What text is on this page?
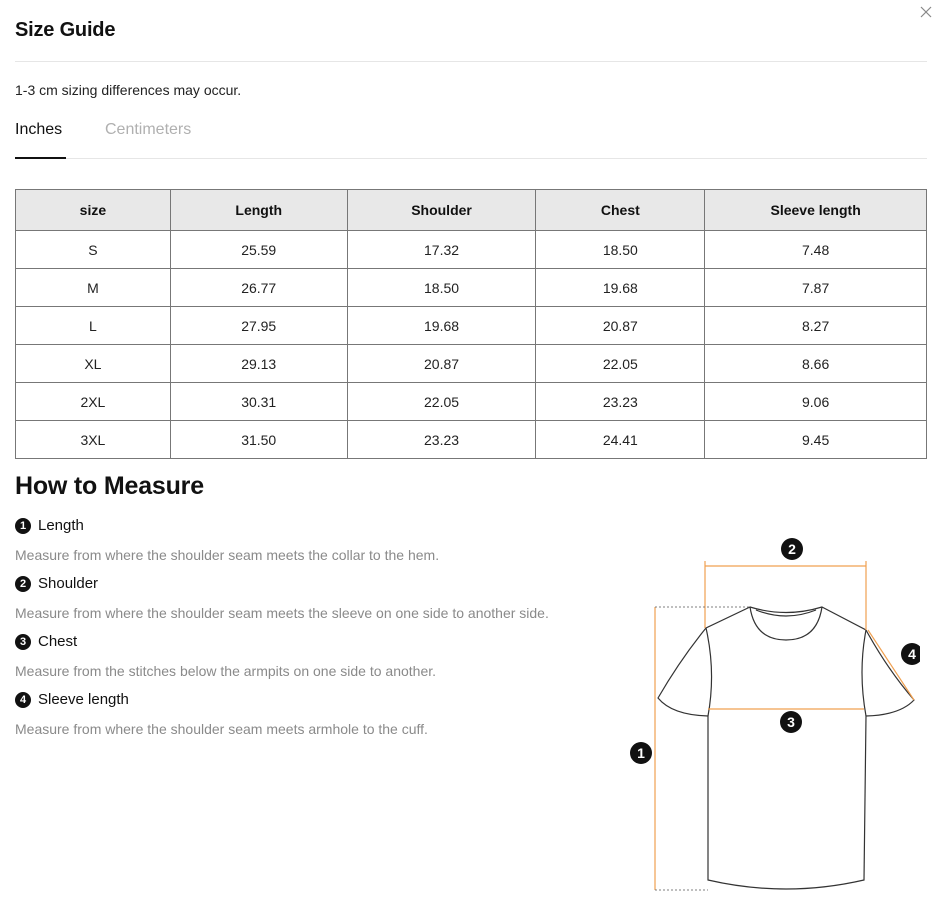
Size Guide
1-3 cm sizing differences may occur.
Inches	Centimeters
size	Length	Shoulder	Chest	Sleeve length
S	25.59	17.32	18.50	7.48
M	26.77	18.50	19.68	7.87
L	27.95	19.68	20.87	8.27
XL	29.13	20.87	22.05	8.66
2XL	30.31	22.05	23.23	9.06
3XL	31.50	23.23	24.41	9.45
How to Measure
1 Length
Measure from where the shoulder seam meets the collar to the hem.
2 Shoulder
Measure from where the shoulder seam meets the sleeve on one side to another side.
3 Chest
Measure from the stitches below the armpits on one side to another.
4 Sleeve length
Measure from where the shoulder seam meets armhole to the cuff.
2
3
1
4
